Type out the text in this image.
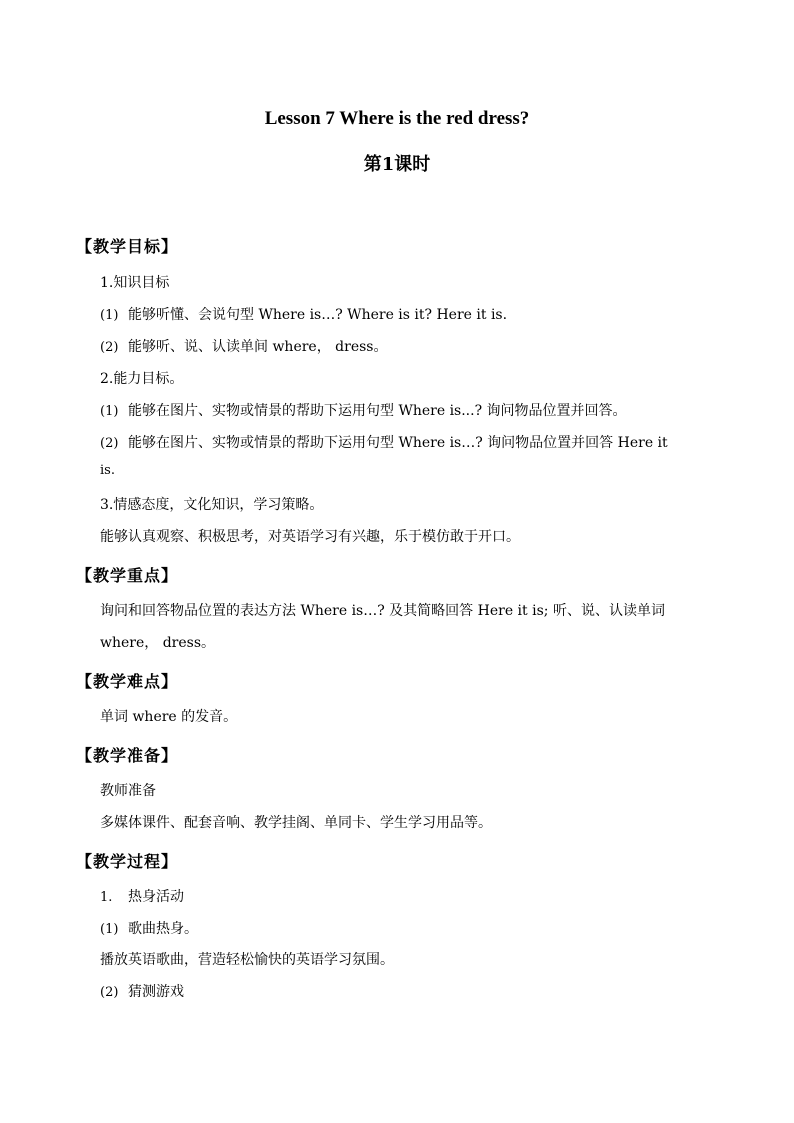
Lesson 7 Where is the red dress?
第1课时
【教学目标】
1.知识目标
(1) 能够听懂、会说句型 Where is…? Where is it? Here it is.
(2) 能够听、说、认读单间 where， dress。
2.能力目标。
(1) 能够在图片、实物或情景的帮助下运用句型 Where is...? 询问物品位置并回答。
(2) 能够在图片、实物或情景的帮助下运用句型 Where is…? 询问物品位置并回答 Here it
is.
3.情感态度，文化知识，学习策略。
能够认真观察、积极思考，对英语学习有兴趣，乐于模仿敢于开口。
【教学重点】
询问和回答物品位置的表达方法 Where is…? 及其简略回答 Here it is; 听、说、认读单词
where， dress。
【教学难点】
单词 where 的发音。
【教学准备】
教师准备
多媒体课件、配套音响、教学挂阁、单同卡、学生学习用品等。
【教学过程】
1. 热身活动
(1) 歌曲热身。
播放英语歌曲，营造轻松愉快的英语学习氛围。
(2) 猜测游戏
